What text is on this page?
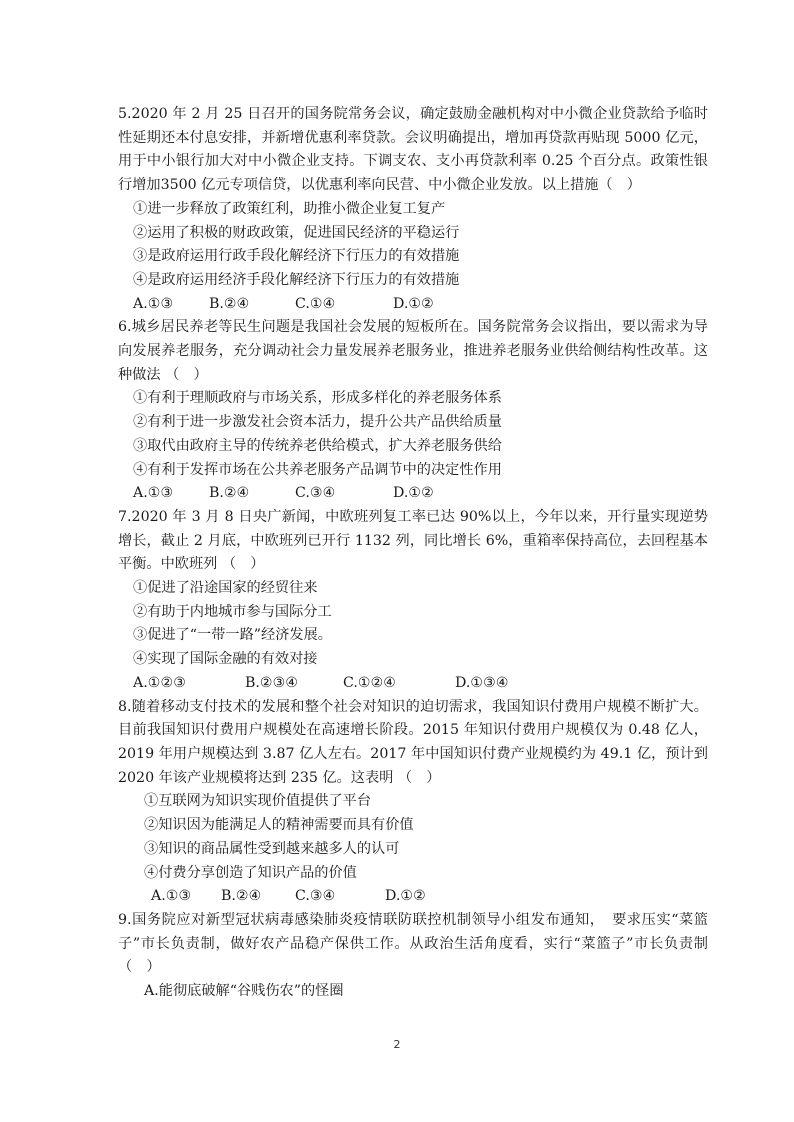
5.2020 年 2 月 25 日召开的国务院常务会议，确定鼓励金融机构对中小微企业贷款给予临时性延期还本付息安排，并新增优惠利率贷款。会议明确提出，增加再贷款再贴现 5000 亿元，用于中小银行加大对中小微企业支持。下调支农、支小再贷款利率 0.25 个百分点。政策性银行增加3500 亿元专项信贷，以优惠利率向民营、中小微企业发放。以上措施（　）
①进一步释放了政策红利，助推小微企业复工复产
②运用了积极的财政政策，促进国民经济的平稳运行
③是政府运用行政手段化解经济下行压力的有效措施
④是政府运用经济手段化解经济下行压力的有效措施
A.①③	B.②④	C.①④	D.①②
6.城乡居民养老等民生问题是我国社会发展的短板所在。国务院常务会议指出，要以需求为导向发展养老服务，充分调动社会力量发展养老服务业，推进养老服务业供给侧结构性改革。这种做法 （　）
①有利于理顺政府与市场关系，形成多样化的养老服务体系
②有利于进一步激发社会资本活力，提升公共产品供给质量
③取代由政府主导的传统养老供给模式，扩大养老服务供给
④有利于发挥市场在公共养老服务产品调节中的决定性作用
A.①③	B.②④	C.③④	D.①②
7.2020 年 3 月 8 日央广新闻，中欧班列复工率已达 90%以上，今年以来，开行量实现逆势增长，截止 2 月底，中欧班列已开行 1132 列，同比增长 6%，重箱率保持高位，去回程基本平衡。中欧班列 （　）
①促进了沿途国家的经贸往来
②有助于内地城市参与国际分工
③促进了“一带一路”经济发展。
④实现了国际金融的有效对接
A.①②③	B.②③④	C.①②④	D.①③④
8.随着移动支付技术的发展和整个社会对知识的迫切需求，我国知识付费用户规模不断扩大。目前我国知识付费用户规模处在高速增长阶段。2015 年知识付费用户规模仅为 0.48 亿人，2019 年用户规模达到 3.87 亿人左右。2017 年中国知识付费产业规模约为 49.1 亿，预计到 2020 年该产业规模将达到 235 亿。这表明 （　）
①互联网为知识实现价值提供了平台
②知识因为能满足人的精神需要而具有价值
③知识的商品属性受到越来越多人的认可
④付费分享创造了知识产品的价值
A.①③ B.②④ C.③④	D.①②
9.国务院应对新型冠状病毒感染肺炎疫情联防联控机制领导小组发布通知，　要求压实“菜篮子”市长负责制，做好农产品稳产保供工作。从政治生活角度看，实行“菜篮子”市长负责制 （　）
A.能彻底破解“谷贱伤农”的怪圈
2
